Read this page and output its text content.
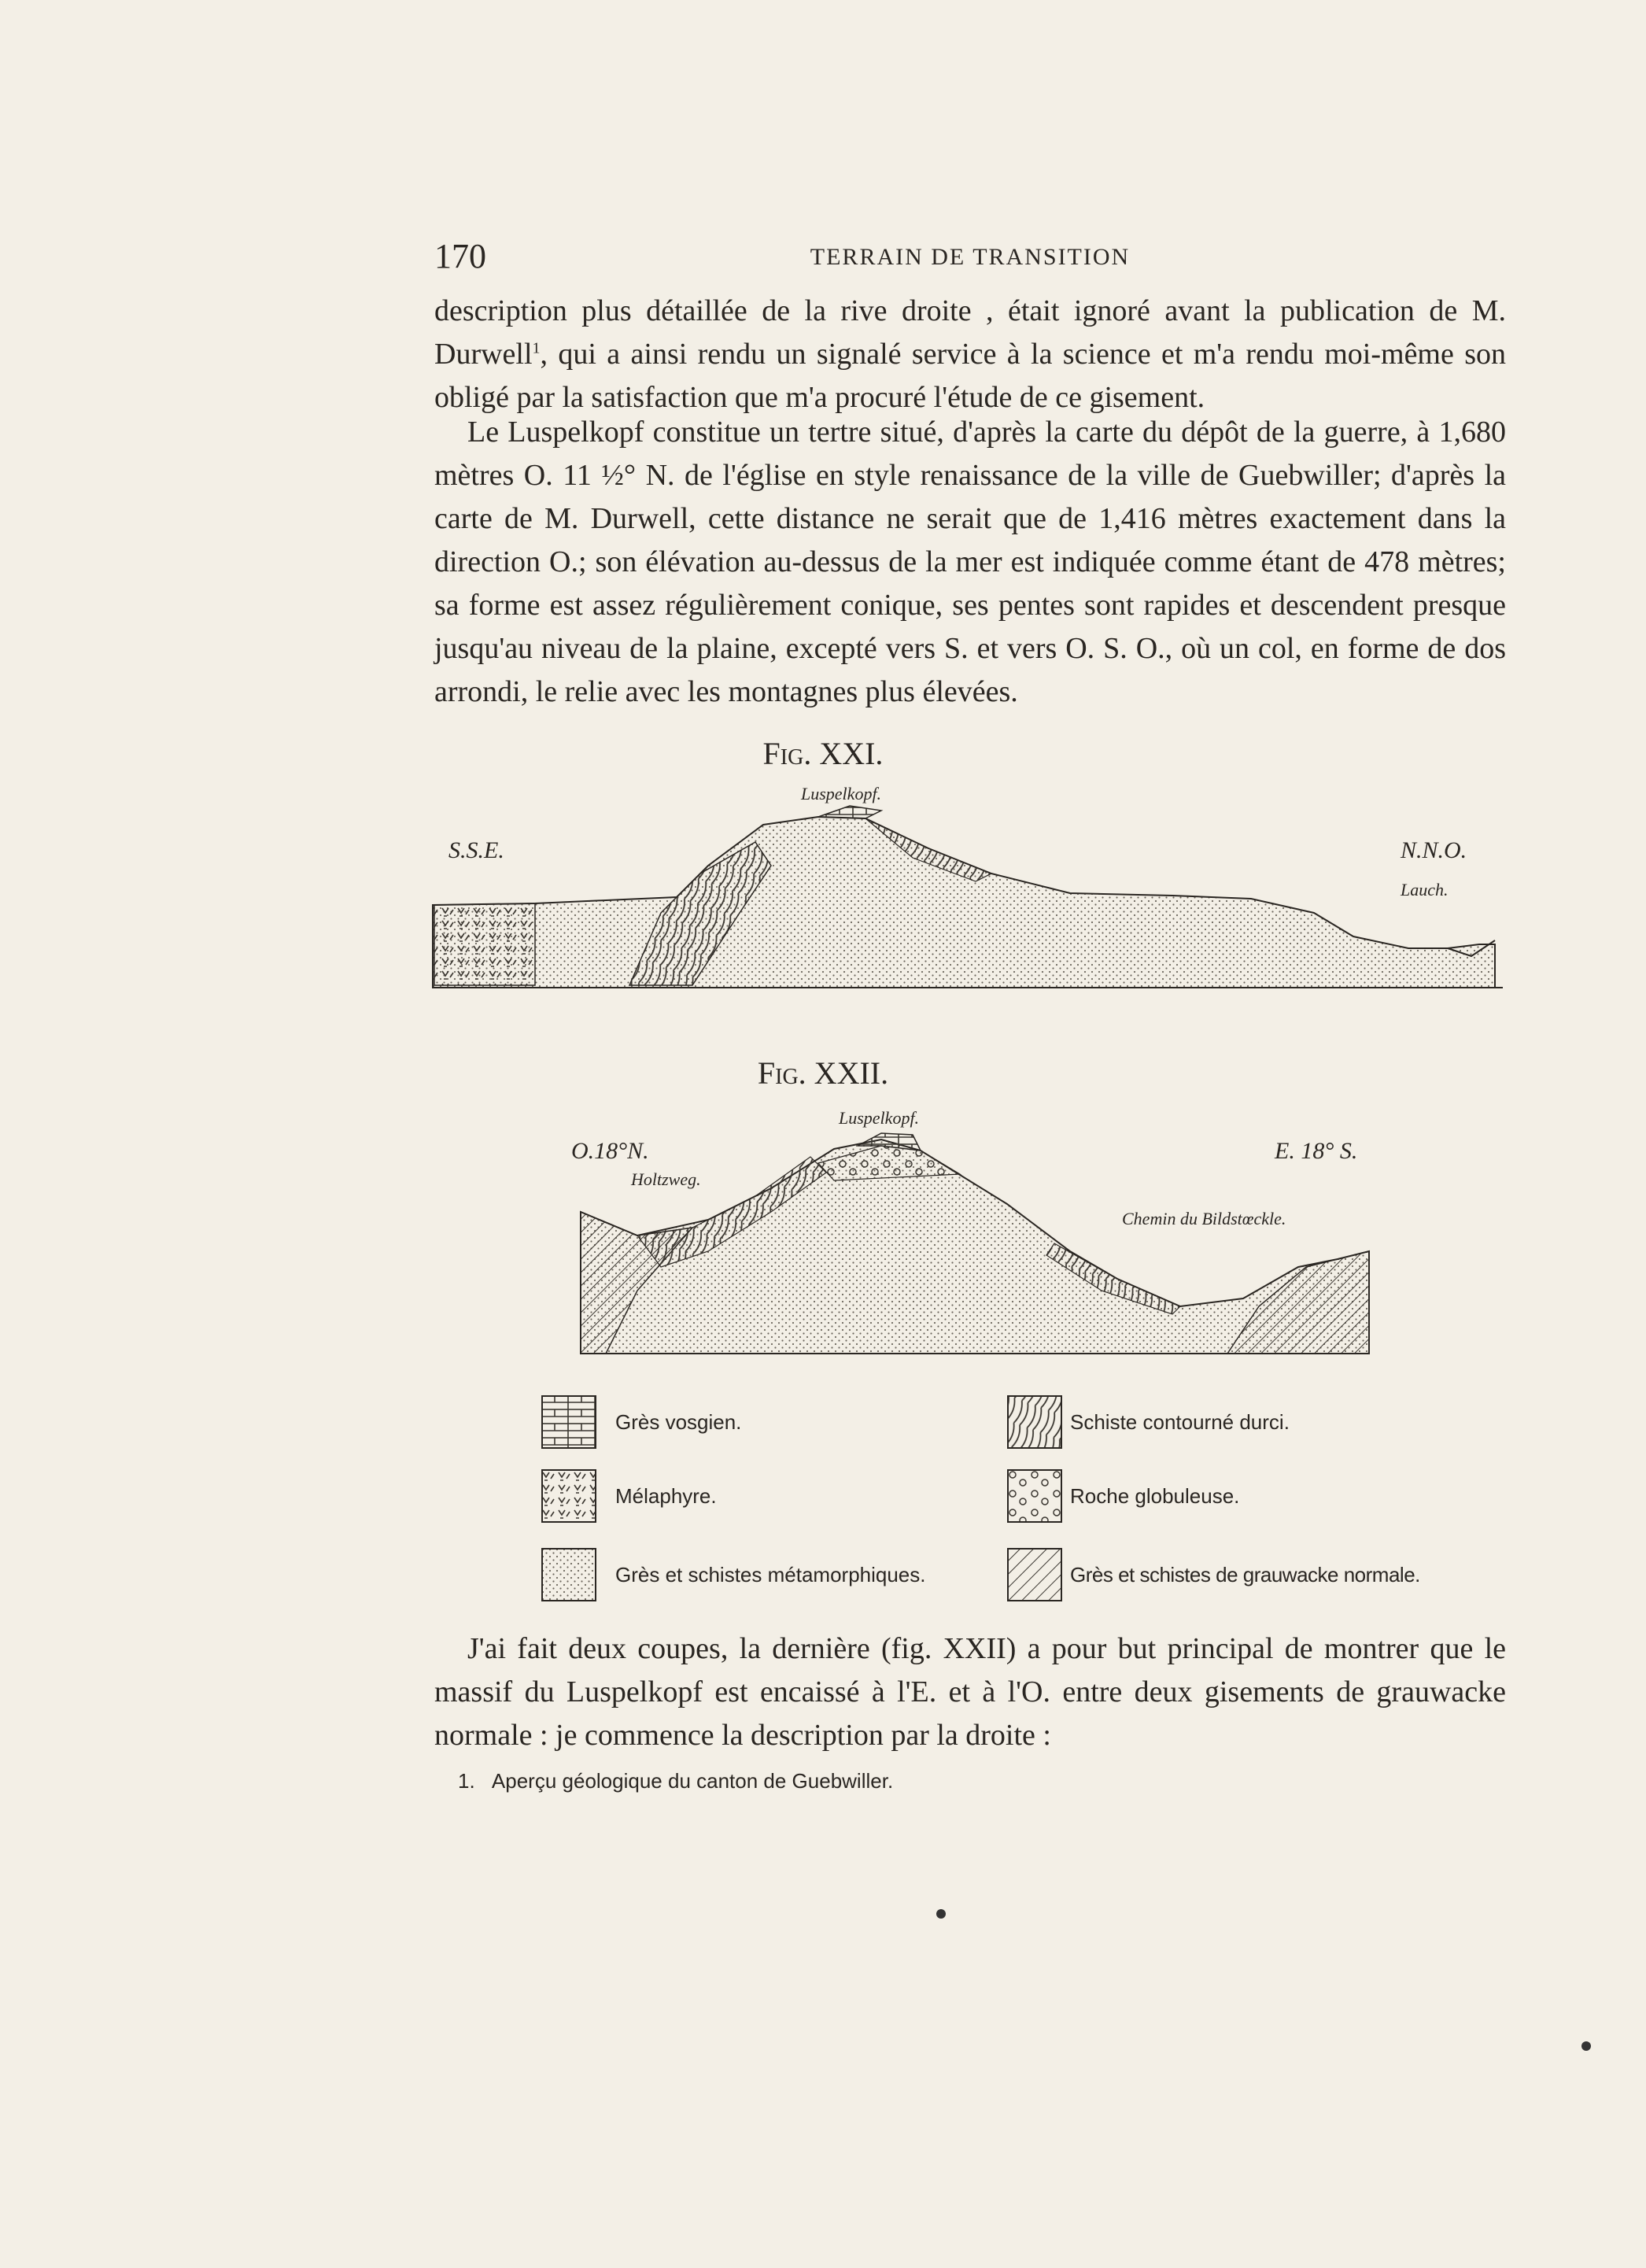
170	TERRAIN DE TRANSITION

description plus détaillée de la rive droite , était ignoré avant la publication de M. Durwell$^1$, qui a ainsi rendu un signalé service à la science et m'a rendu moi-même son obligé par la satisfaction que m'a procuré l'étude de ce gisement.

Le Luspelkopf constitue un tertre situé, d'après la carte du dépôt de la guerre, à 1,680 mètres O. 11 ½° N. de l'église en style renaissance de la ville de Guebwiller; d'après la carte de M. Durwell, cette distance ne serait que de 1,416 mètres exactement dans la direction O.; son élévation au-dessus de la mer est indiquée comme étant de 478 mètres; sa forme est assez régulièrement conique, ses pentes sont rapides et descendent presque jusqu'au niveau de la plaine, excepté vers S. et vers O. S. O., où un col, en forme de dos arrondi, le relie avec les montagnes plus élevées.

Fig. XXI.
Luspelkopf.
S.S.E.	N.N.O.
Lauch.
Fig. XXII.
Luspelkopf.
O.18°N.
Holtzweg.
E. 18° S.
Chemin du Bildstœckle.
Grès vosgien.
Mélaphyre.
Grès et schistes métamorphiques.
Schiste contourné durci.
Roche globuleuse.
Grès et schistes de grauwacke normale.

J'ai fait deux coupes, la dernière (fig. XXII) a pour but principal de montrer que le massif du Luspelkopf est encaissé à l'E. et à l'O. entre deux gisements de grauwacke normale : je commence la description par la droite :

1. Aperçu géologique du canton de Guebwiller.
